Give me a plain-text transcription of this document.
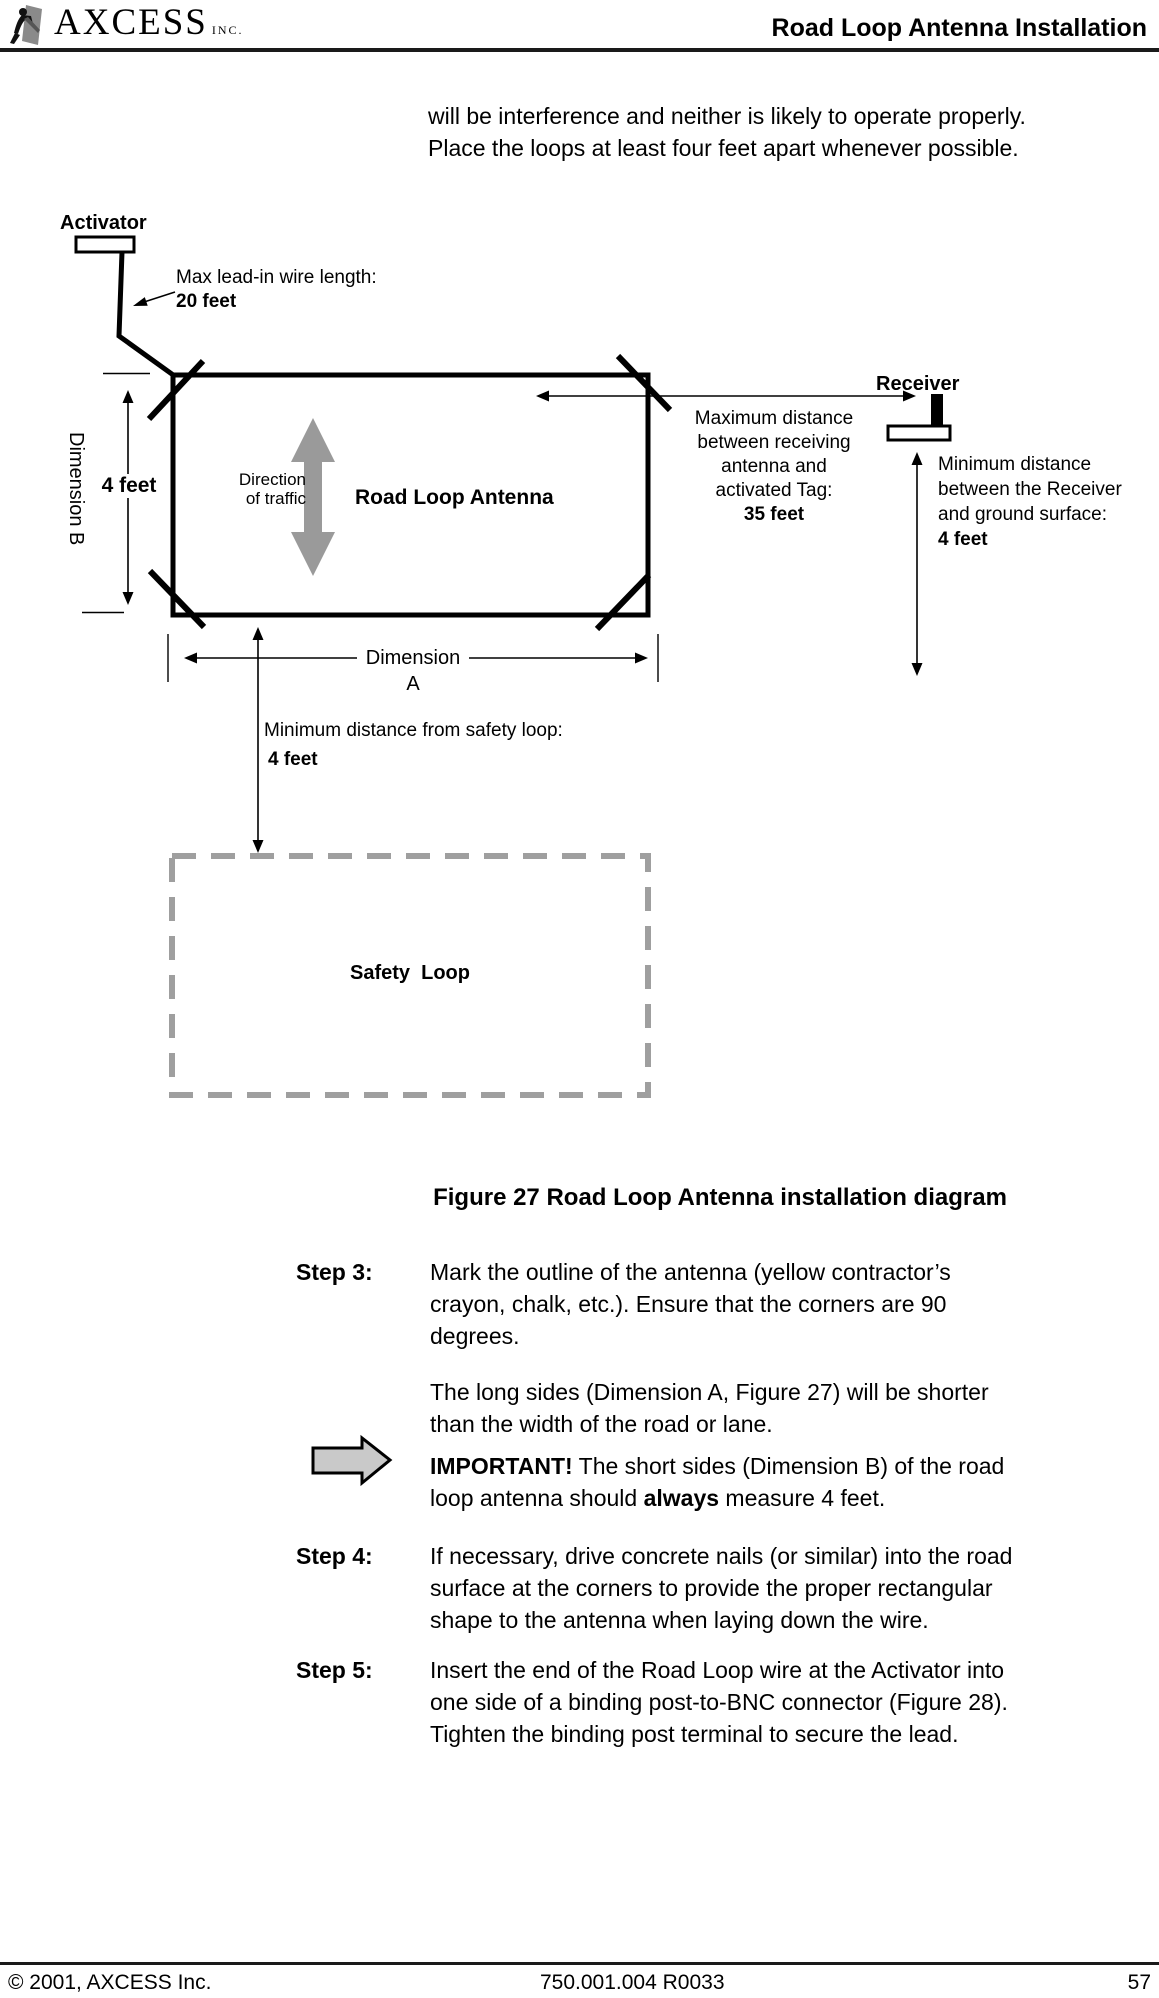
AXCESS INC.	Road Loop Antenna Installation
will be interference and neither is likely to operate properly.
Place the loops at least four feet apart whenever possible.
Activator
Max lead-in wire length:
20 feet
Dimension B 4 feet	Direction
of traffic Road Loop Antenna
Receiver
Maximum distance
between receiving
antenna and
activated Tag:
35 feet
Minimum distance
between the Receiver
and ground surface:
4 feet
Dimension A
Minimum distance from safety loop:
4 feet
Safety  Loop
Figure 27 Road Loop Antenna installation diagram
Step 3: Mark the outline of the antenna (yellow contractor’s
crayon, chalk, etc.). Ensure that the corners are 90
degrees.
The long sides (Dimension A, Figure 27) will be shorter
than the width of the road or lane.
IMPORTANT! The short sides (Dimension B) of the road
loop antenna should always measure 4 feet.
Step 4: If necessary, drive concrete nails (or similar) into the road
surface at the corners to provide the proper rectangular
shape to the antenna when laying down the wire.
Step 5: Insert the end of the Road Loop wire at the Activator into
one side of a binding post-to-BNC connector (Figure 28).
Tighten the binding post terminal to secure the lead.
© 2001, AXCESS Inc.	750.001.004 R0033	57
